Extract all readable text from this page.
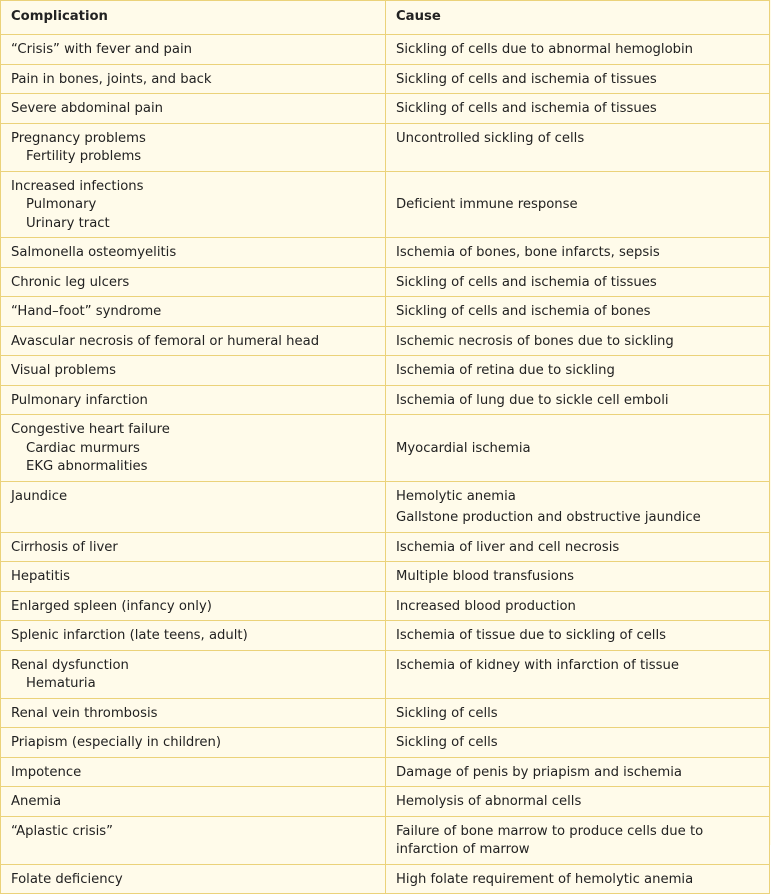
Complication	Cause

“Crisis” with fever and pain	Sickling of cells due to abnormal hemoglobin

Pain in bones, joints, and back	Sickling of cells and ischemia of tissues

Severe abdominal pain	Sickling of cells and ischemia of tissues

Pregnancy problems
Fertility problems	Uncontrolled sickling of cells

Increased infections
Pulmonary
Urinary tract	Deficient immune response

Salmonella osteomyelitis	Ischemia of bones, bone infarcts, sepsis

Chronic leg ulcers	Sickling of cells and ischemia of tissues

“Hand–foot” syndrome	Sickling of cells and ischemia of bones

Avascular necrosis of femoral or humeral head	Ischemic necrosis of bones due to sickling

Visual problems	Ischemia of retina due to sickling

Pulmonary infarction	Ischemia of lung due to sickle cell emboli

Congestive heart failure
Cardiac murmurs
EKG abnormalities	Myocardial ischemia

Jaundice	Hemolytic anemia
Gallstone production and obstructive jaundice

Cirrhosis of liver	Ischemia of liver and cell necrosis

Hepatitis	Multiple blood transfusions

Enlarged spleen (infancy only)	Increased blood production

Splenic infarction (late teens, adult)	Ischemia of tissue due to sickling of cells

Renal dysfunction
Hematuria	Ischemia of kidney with infarction of tissue

Renal vein thrombosis	Sickling of cells

Priapism (especially in children)	Sickling of cells

Impotence	Damage of penis by priapism and ischemia

Anemia	Hemolysis of abnormal cells

“Aplastic crisis”	Failure of bone marrow to produce cells due to infarction of marrow

Folate deficiency	High folate requirement of hemolytic anemia
